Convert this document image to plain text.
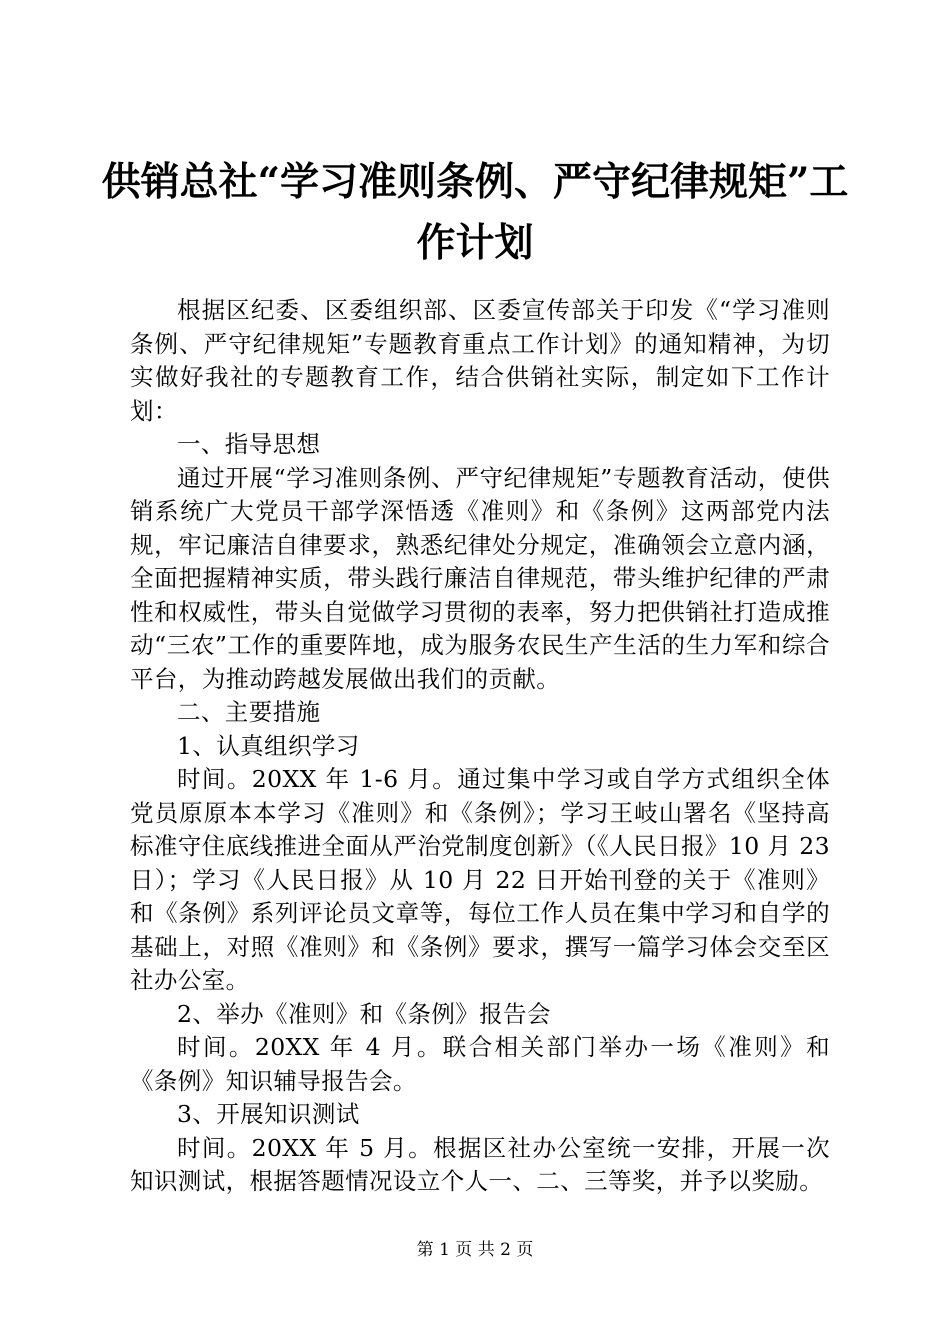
供销总社“学习准则条例、严守纪律规矩”工
作计划

根据区纪委、区委组织部、区委宣传部关于印发《“学习准则条例、严守纪律规矩”专题教育重点工作计划》的通知精神，为切实做好我社的专题教育工作，结合供销社实际，制定如下工作计划：

一、指导思想

通过开展“学习准则条例、严守纪律规矩”专题教育活动，使供销系统广大党员干部学深悟透《准则》和《条例》这两部党内法规，牢记廉洁自律要求，熟悉纪律处分规定，准确领会立意内涵，全面把握精神实质，带头践行廉洁自律规范，带头维护纪律的严肃性和权威性，带头自觉做学习贯彻的表率，努力把供销社打造成推动“三农”工作的重要阵地，成为服务农民生产生活的生力军和综合平台，为推动跨越发展做出我们的贡献。

二、主要措施

1、认真组织学习

时间。20XX 年 1-6 月。通过集中学习或自学方式组织全体党员原原本本学习《准则》和《条例》；学习王岐山署名《坚持高标准守住底线推进全面从严治党制度创新》（《人民日报》10 月 23 日）；学习《人民日报》从 10 月 22 日开始刊登的关于《准则》和《条例》系列评论员文章等，每位工作人员在集中学习和自学的基础上，对照《准则》和《条例》要求，撰写一篇学习体会交至区社办公室。

2、举办《准则》和《条例》报告会

时间。20XX 年 4 月。联合相关部门举办一场《准则》和《条例》知识辅导报告会。

3、开展知识测试

时间。20XX 年 5 月。根据区社办公室统一安排，开展一次知识测试，根据答题情况设立个人一、二、三等奖，并予以奖励。

第 1 页 共 2 页
